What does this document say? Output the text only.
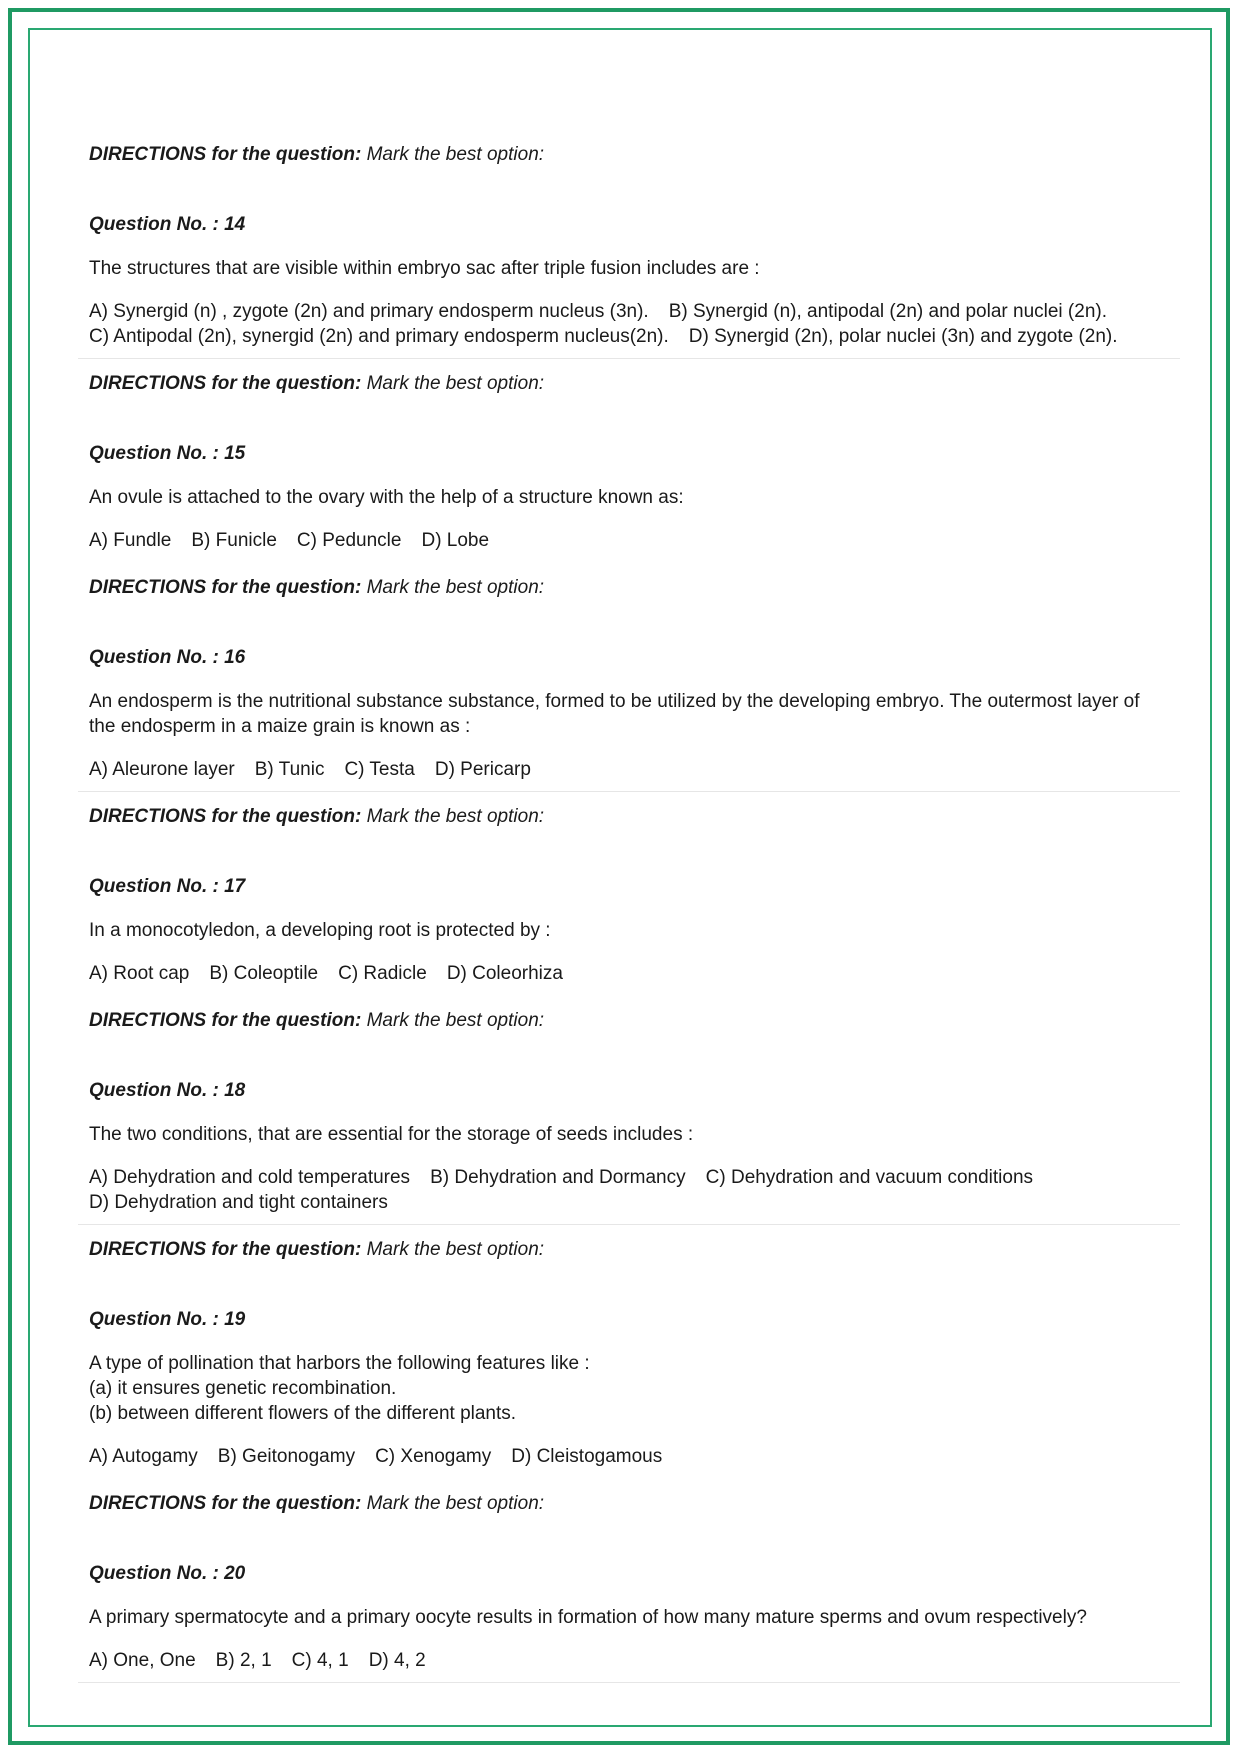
DIRECTIONS for the question: Mark the best option:
Question No. : 14
The structures that are visible within embryo sac after triple fusion includes are :
A) Synergid (n) , zygote (2n) and primary endosperm nucleus (3n). B) Synergid (n), antipodal (2n) and polar nuclei (2n).
C) Antipodal (2n), synergid (2n) and primary endosperm nucleus(2n). D) Synergid (2n), polar nuclei (3n) and zygote (2n).
DIRECTIONS for the question: Mark the best option:
Question No. : 15
An ovule is attached to the ovary with the help of a structure known as:
A) Fundle B) Funicle C) Peduncle D) Lobe
DIRECTIONS for the question: Mark the best option:
Question No. : 16
An endosperm is the nutritional substance substance, formed to be utilized by the developing embryo. The outermost layer of the endosperm in a maize grain is known as :
A) Aleurone layer B) Tunic C) Testa D) Pericarp
DIRECTIONS for the question: Mark the best option:
Question No. : 17
In a monocotyledon, a developing root is protected by :
A) Root cap B) Coleoptile C) Radicle D) Coleorhiza
DIRECTIONS for the question: Mark the best option:
Question No. : 18
The two conditions, that are essential for the storage of seeds includes :
A) Dehydration and cold temperatures B) Dehydration and Dormancy C) Dehydration and vacuum conditions
D) Dehydration and tight containers
DIRECTIONS for the question: Mark the best option:
Question No. : 19
A type of pollination that harbors the following features like :
(a) it ensures genetic recombination.
(b) between different flowers of the different plants.
A) Autogamy B) Geitonogamy C) Xenogamy D) Cleistogamous
DIRECTIONS for the question: Mark the best option:
Question No. : 20
A primary spermatocyte and a primary oocyte results in formation of how many mature sperms and ovum respectively?
A) One, One B) 2, 1 C) 4, 1 D) 4, 2
